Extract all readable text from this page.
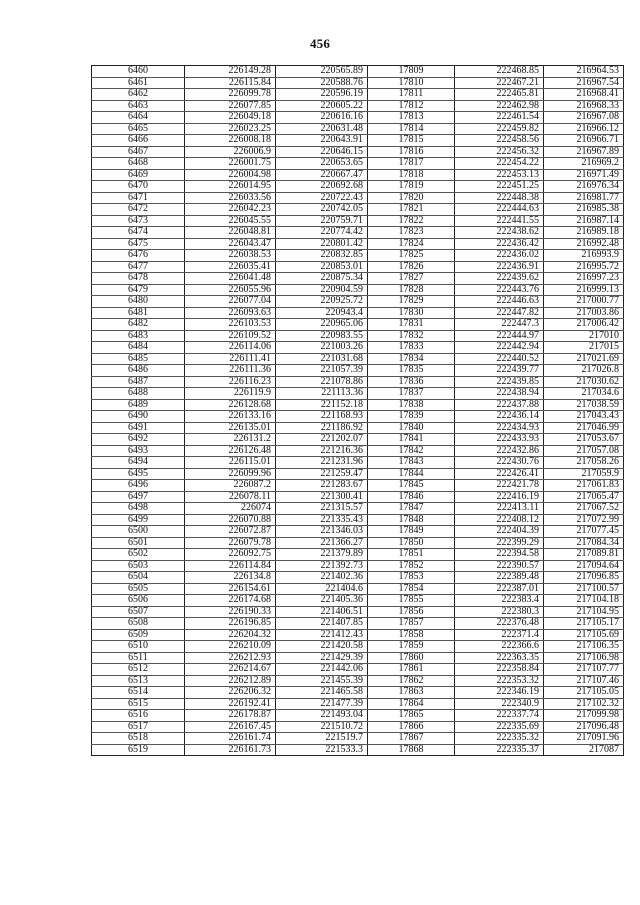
456
6460	226149.28	220565.89	17809	222468.85	216964.53
6461	226115.84	220588.76	17810	222467.21	216967.54
6462	226099.78	220596.19	17811	222465.81	216968.41
6463	226077.85	220605.22	17812	222462.98	216968.33
6464	226049.18	220616.16	17813	222461.54	216967.08
6465	226023.25	220631.48	17814	222459.82	216966.12
6466	226008.18	220643.91	17815	222458.56	216966.71
6467	226006.9	220646.15	17816	222456.32	216967.89
6468	226001.75	220653.65	17817	222454.22	216969.2
6469	226004.98	220667.47	17818	222453.13	216971.49
6470	226014.95	220692.68	17819	222451.25	216976.34
6471	226033.56	220722.43	17820	222448.38	216981.77
6472	226042.23	220742.05	17821	222444.63	216985.38
6473	226045.55	220759.71	17822	222441.55	216987.14
6474	226048.81	220774.42	17823	222438.62	216989.18
6475	226043.47	220801.42	17824	222436.42	216992.48
6476	226038.53	220832.85	17825	222436.02	216993.9
6477	226035.41	220853.01	17826	222436.91	216995.72
6478	226041.48	220875.34	17827	222439.62	216997.23
6479	226055.96	220904.59	17828	222443.76	216999.13
6480	226077.04	220925.72	17829	222446.63	217000.77
6481	226093.63	220943.4	17830	222447.82	217003.86
6482	226103.53	220965.06	17831	222447.3	217006.42
6483	226109.52	220983.55	17832	222444.97	217010
6484	226114.06	221003.26	17833	222442.94	217015
6485	226111.41	221031.68	17834	222440.52	217021.69
6486	226111.36	221057.39	17835	222439.77	217026.8
6487	226116.23	221078.86	17836	222439.85	217030.62
6488	226119.9	221113.36	17837	222438.94	217034.6
6489	226128.68	221152.18	17838	222437.88	217038.59
6490	226133.16	221168.93	17839	222436.14	217043.43
6491	226135.01	221186.92	17840	222434.93	217046.99
6492	226131.2	221202.07	17841	222433.93	217053.67
6493	226126.48	221216.36	17842	222432.86	217057.08
6494	226115.01	221231.96	17843	222430.76	217058.26
6495	226099.96	221259.47	17844	222426.41	217059.9
6496	226087.2	221283.67	17845	222421.78	217061.83
6497	226078.11	221300.41	17846	222416.19	217065.47
6498	226074	221315.57	17847	222413.11	217067.52
6499	226070.88	221335.43	17848	222408.12	217072.99
6500	226072.87	221346.03	17849	222404.39	217077.45
6501	226079.78	221366.27	17850	222399.29	217084.34
6502	226092.75	221379.89	17851	222394.58	217089.81
6503	226114.84	221392.73	17852	222390.57	217094.64
6504	226134.8	221402.36	17853	222389.48	217096.85
6505	226154.61	221404.6	17854	222387.01	217100.57
6506	226174.68	221405.36	17855	222383.4	217104.18
6507	226190.33	221406.51	17856	222380.3	217104.95
6508	226196.85	221407.85	17857	222376.48	217105.17
6509	226204.32	221412.43	17858	222371.4	217105.69
6510	226210.09	221420.58	17859	222366.6	217106.35
6511	226212.93	221429.39	17860	222363.35	217106.98
6512	226214.67	221442.06	17861	222358.84	217107.77
6513	226212.89	221455.39	17862	222353.32	217107.46
6514	226206.32	221465.58	17863	222346.19	217105.05
6515	226192.41	221477.39	17864	222340.9	217102.32
6516	226178.87	221493.04	17865	222337.74	217099.98
6517	226167.45	221510.72	17866	222335.69	217096.48
6518	226161.74	221519.7	17867	222335.32	217091.96
6519	226161.73	221533.3	17868	222335.37	217087
